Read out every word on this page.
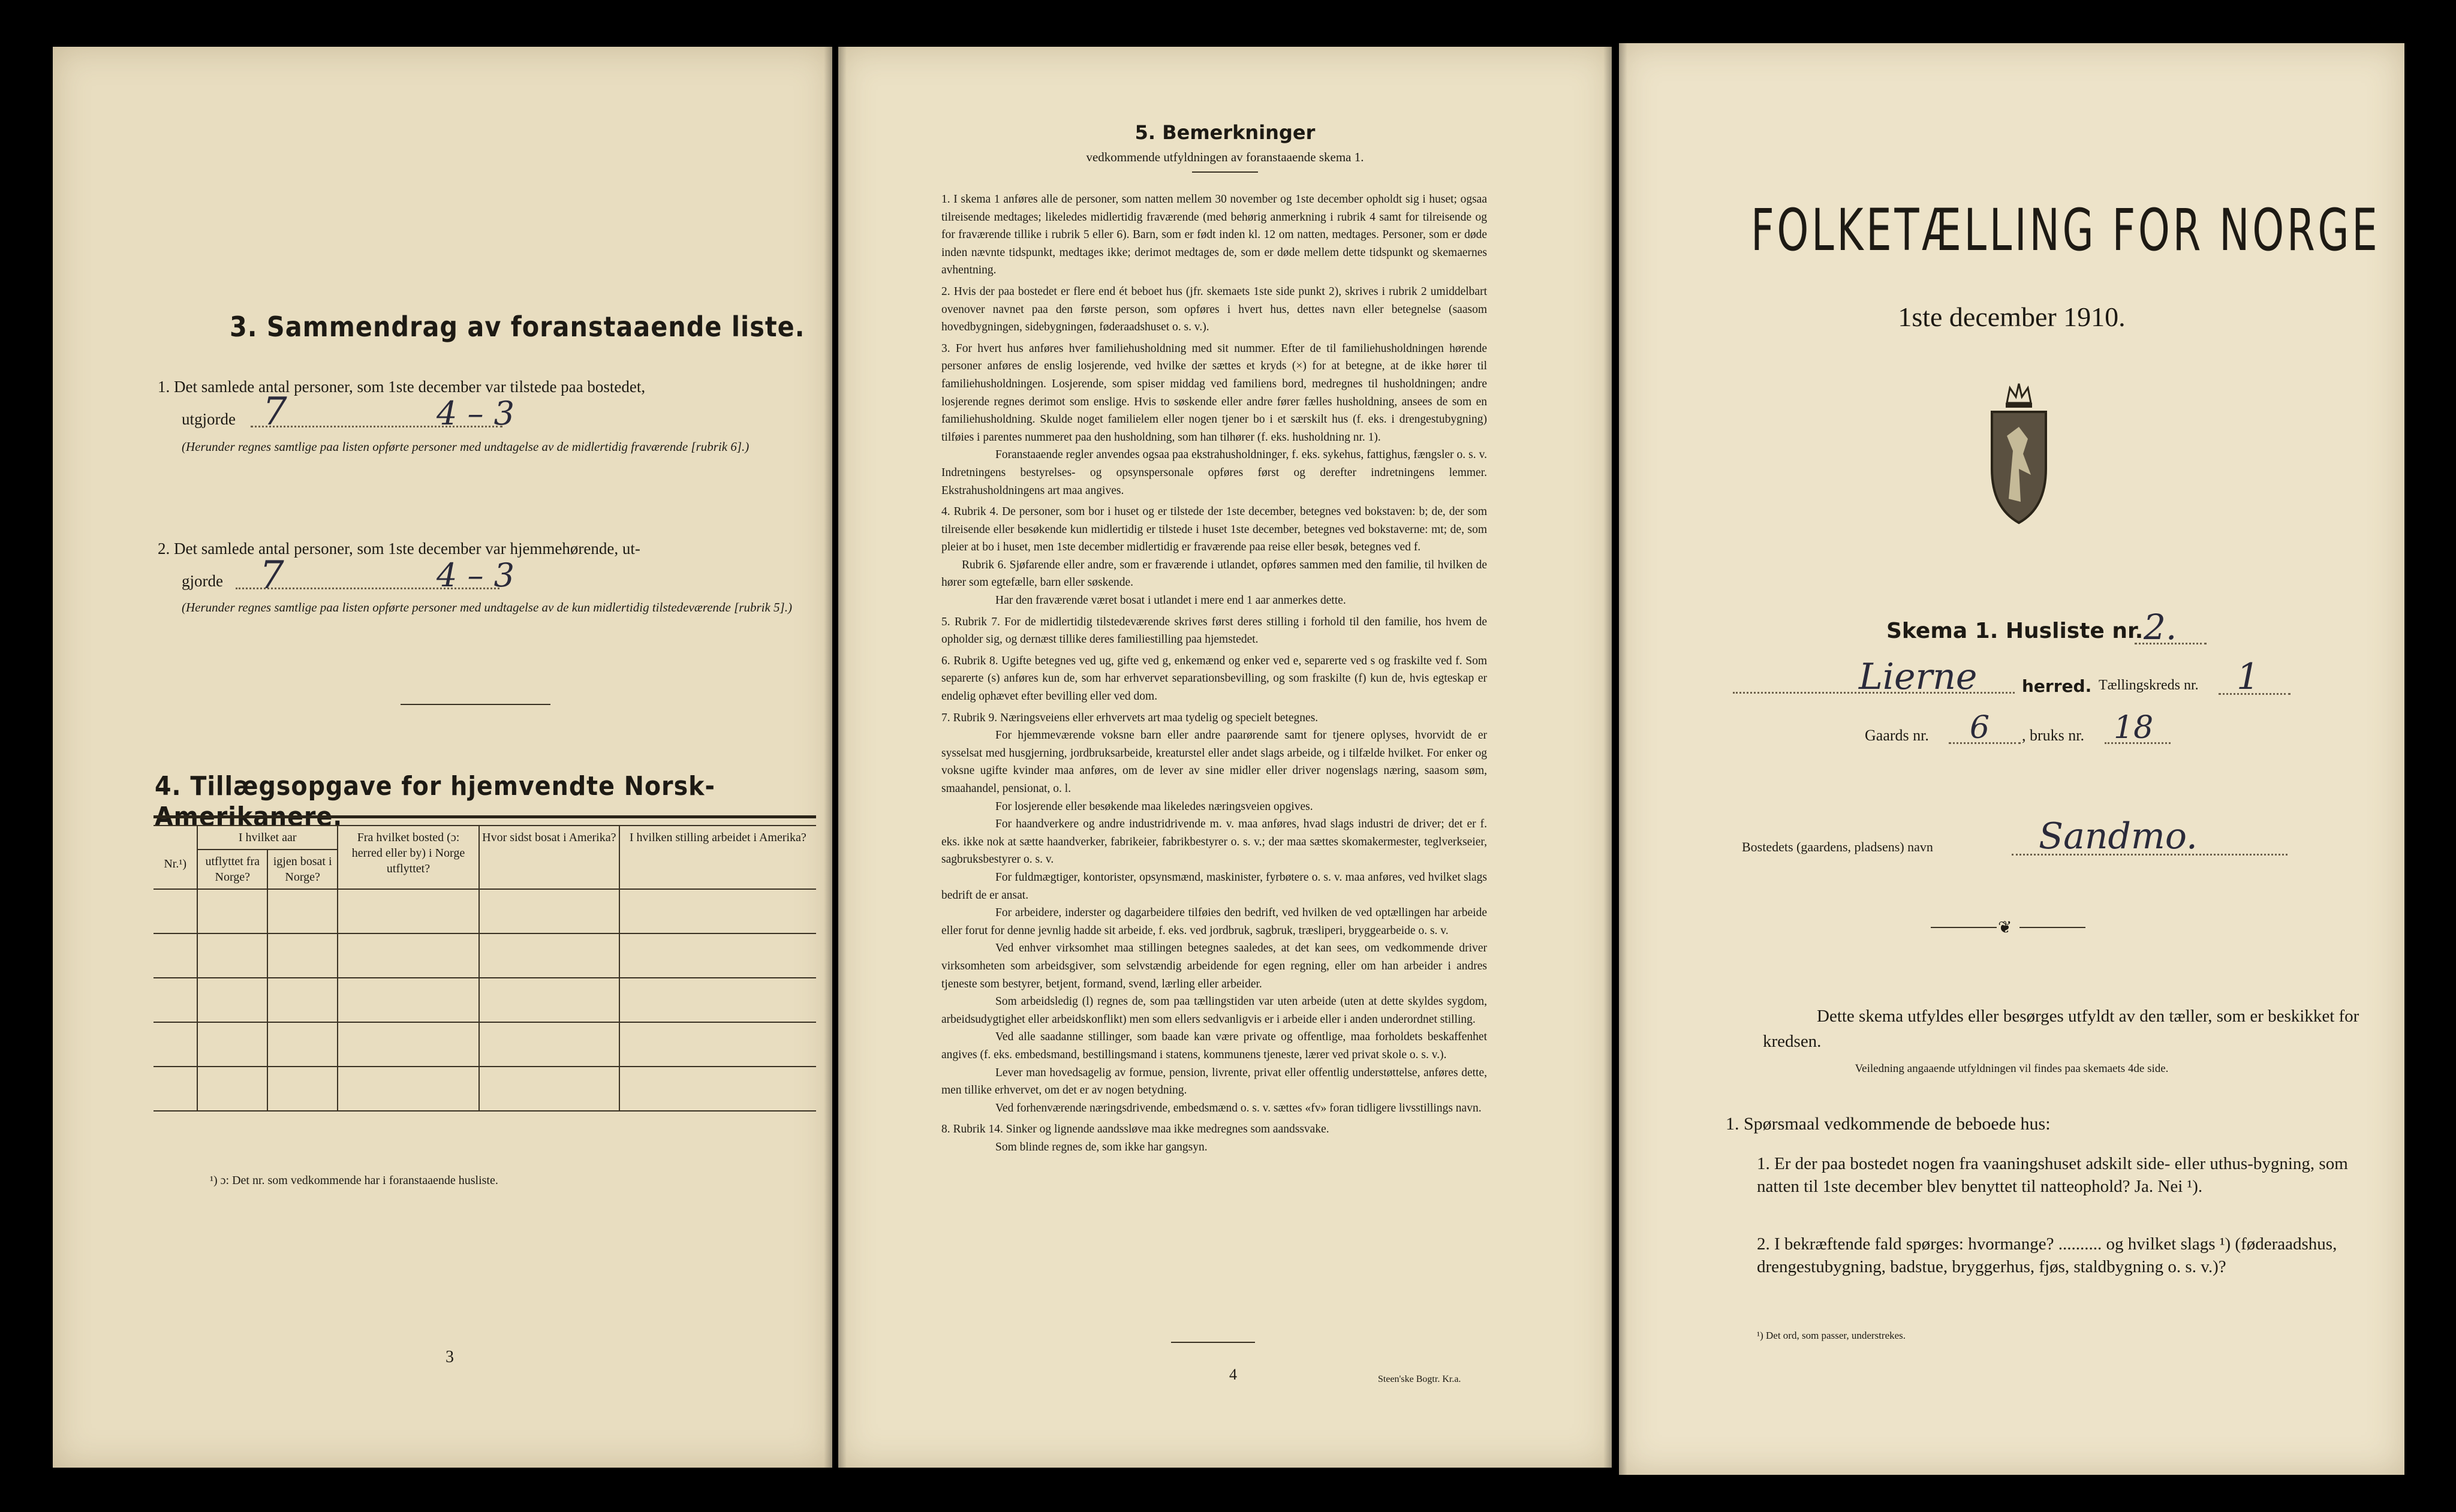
3. Sammendrag av foranstaaende liste.
1. Det samlede antal personer, som 1ste december var tilstede paa bostedet,
utgjorde 7	4 – 3
(Herunder regnes samtlige paa listen opførte personer med undtagelse av de midlertidig fraværende [rubrik 6].)
2. Det samlede antal personer, som 1ste december var hjemmehørende, ut-
gjorde 7	4 – 3
(Herunder regnes samtlige paa listen opførte personer med undtagelse av de kun midlertidig tilstedeværende [rubrik 5].)
4. Tillægsopgave for hjemvendte Norsk-Amerikanere.
Nr.¹)	I hvilket aar		Fra hvilket bosted (ɔ: herred eller by) i Norge utflyttet?	Hvor sidst bosat i Amerika?	I hvilken stilling arbeidet i Amerika?
	utflyttet fra Norge?	igjen bosat i Norge?			

¹) ɔ: Det nr. som vedkommende har i foranstaaende husliste.
3
5. Bemerkninger
vedkommende utfyldningen av foranstaaende skema 1.

1. I skema 1 anføres alle de personer, som natten mellem 30 november og 1ste december opholdt sig i huset; ogsaa tilreisende medtages; likeledes midlertidig fraværende (med behørig anmerkning i rubrik 4 samt for tilreisende og for fraværende tillike i rubrik 5 eller 6). Barn, som er født inden kl. 12 om natten, medtages. Personer, som er døde inden nævnte tidspunkt, medtages ikke; derimot medtages de, som er døde mellem dette tidspunkt og skemaernes avhentning.

2. Hvis der paa bostedet er flere end ét beboet hus (jfr. skemaets 1ste side punkt 2), skrives i rubrik 2 umiddelbart ovenover navnet paa den første person, som opføres i hvert hus, dettes navn eller betegnelse (saasom hovedbygningen, sidebygningen, føderaadshuset o. s. v.).

3. For hvert hus anføres hver familiehusholdning med sit nummer. Efter de til familiehusholdningen hørende personer anføres de enslig losjerende, ved hvilke der sættes et kryds (×) for at betegne, at de ikke hører til familiehusholdningen. Losjerende, som spiser middag ved familiens bord, medregnes til husholdningen; andre losjerende regnes derimot som enslige. Hvis to søskende eller andre fører fælles husholdning, ansees de som en familiehusholdning. Skulde noget familielem eller nogen tjener bo i et særskilt hus (f. eks. i drengestubygning) tilføies i parentes nummeret paa den husholdning, som han tilhører (f. eks. husholdning nr. 1).

Foranstaaende regler anvendes ogsaa paa ekstrahusholdninger, f. eks. sykehus, fattighus, fængsler o. s. v. Indretningens bestyrelses- og opsynspersonale opføres først og derefter indretningens lemmer. Ekstrahusholdningens art maa angives.

4. Rubrik 4. De personer, som bor i huset og er tilstede der 1ste december, betegnes ved bokstaven: b; de, der som tilreisende eller besøkende kun midlertidig er tilstede i huset 1ste december, betegnes ved bokstaverne: mt; de, som pleier at bo i huset, men 1ste december midlertidig er fraværende paa reise eller besøk, betegnes ved f.

Rubrik 6. Sjøfarende eller andre, som er fraværende i utlandet, opføres sammen med den familie, til hvilken de hører som egtefælle, barn eller søskende.

Har den fraværende været bosat i utlandet i mere end 1 aar anmerkes dette.

5. Rubrik 7. For de midlertidig tilstedeværende skrives først deres stilling i forhold til den familie, hos hvem de opholder sig, og dernæst tillike deres familiestilling paa hjemstedet.

6. Rubrik 8. Ugifte betegnes ved ug, gifte ved g, enkemænd og enker ved e, separerte ved s og fraskilte ved f. Som separerte (s) anføres kun de, som har erhvervet separationsbevilling, og som fraskilte (f) kun de, hvis egteskap er endelig ophævet efter bevilling eller ved dom.

7. Rubrik 9. Næringsveiens eller erhvervets art maa tydelig og specielt betegnes.

For hjemmeværende voksne barn eller andre paarørende samt for tjenere oplyses, hvorvidt de er sysselsat med husgjerning, jordbruksarbeide, kreaturstel eller andet slags arbeide, og i tilfælde hvilket. For enker og voksne ugifte kvinder maa anføres, om de lever av sine midler eller driver nogenslags næring, saasom søm, smaahandel, pensionat, o. l.

For losjerende eller besøkende maa likeledes næringsveien opgives.

For haandverkere og andre industridrivende m. v. maa anføres, hvad slags industri de driver; det er f. eks. ikke nok at sætte haandverker, fabrikeier, fabrikbestyrer o. s. v.; der maa sættes skomakermester, teglverkseier, sagbruksbestyrer o. s. v.

For fuldmægtiger, kontorister, opsynsmænd, maskinister, fyrbøtere o. s. v. maa anføres, ved hvilket slags bedrift de er ansat.

For arbeidere, inderster og dagarbeidere tilføies den bedrift, ved hvilken de ved optællingen har arbeide eller forut for denne jevnlig hadde sit arbeide, f. eks. ved jordbruk, sagbruk, træsliperi, bryggearbeide o. s. v.

Ved enhver virksomhet maa stillingen betegnes saaledes, at det kan sees, om vedkommende driver virksomheten som arbeidsgiver, som selvstændig arbeidende for egen regning, eller om han arbeider i andres tjeneste som bestyrer, betjent, formand, svend, lærling eller arbeider.

Som arbeidsledig (l) regnes de, som paa tællingstiden var uten arbeide (uten at dette skyldes sygdom, arbeidsudygtighet eller arbeidskonflikt) men som ellers sedvanligvis er i arbeide eller i anden underordnet stilling.

Ved alle saadanne stillinger, som baade kan være private og offentlige, maa forholdets beskaffenhet angives (f. eks. embedsmand, bestillingsmand i statens, kommunens tjeneste, lærer ved privat skole o. s. v.).

Lever man hovedsagelig av formue, pension, livrente, privat eller offentlig understøttelse, anføres dette, men tillike erhvervet, om det er av nogen betydning.

Ved forhenværende næringsdrivende, embedsmænd o. s. v. sættes «fv» foran tidligere livsstillings navn.

8. Rubrik 14. Sinker og lignende aandssløve maa ikke medregnes som aandssvake.

Som blinde regnes de, som ikke har gangsyn.

4	Steen'ske Bogtr. Kr.a.
FOLKETÆLLING FOR NORGE
1ste december 1910.
Skema 1. Husliste nr. 2.
Lierne	herred. Tællingskreds nr. 1
Gaards nr. 6 , bruks nr. 18
Bostedets (gaardens, pladsens) navn	Sandmo.
❦
Dette skema utfyldes eller besørges utfyldt av den tæller, som er beskikket for kredsen.
Veiledning angaaende utfyldningen vil findes paa skemaets 4de side.
1. Spørsmaal vedkommende de beboede hus:
1. Er der paa bostedet nogen fra vaaningshuset adskilt side- eller uthus-bygning, som natten til 1ste december blev benyttet til natteophold? Ja. Nei ¹).
2. I bekræftende fald spørges: hvormange? .......... og hvilket slags ¹) (føderaadshus, drengestubygning, badstue, bryggerhus, fjøs, staldbygning o. s. v.)?
¹) Det ord, som passer, understrekes.
